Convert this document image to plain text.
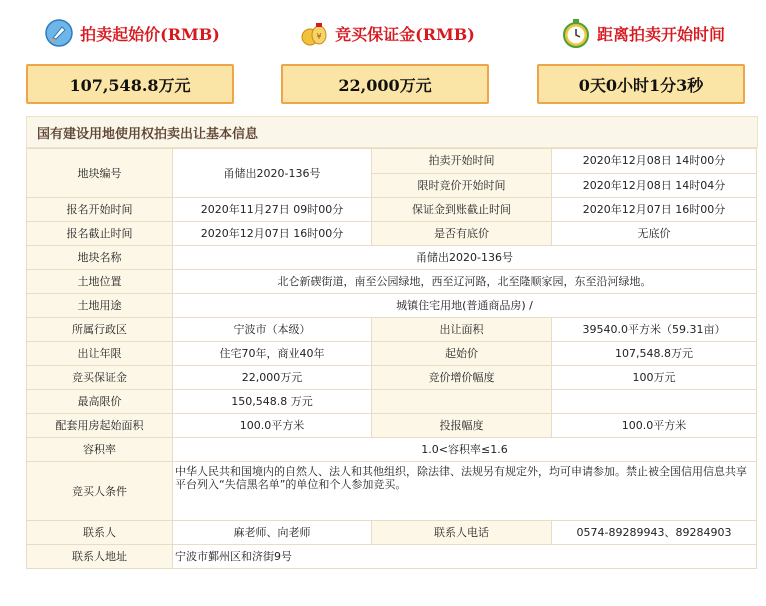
拍卖起始价(RMB)
107,548.8万元
¥ 竞买保证金(RMB)
22,000万元
距离拍卖开始时间
0天0小时1分3秒
国有建设用地使用权拍卖出让基本信息
地块编号	甬储出2020-136号	拍卖开始时间	2020年12月08日 14时00分
		限时竞价开始时间	2020年12月08日 14时04分
报名开始时间	2020年11月27日 09时00分	保证金到账截止时间	2020年12月07日 16时00分
报名截止时间	2020年12月07日 16时00分	是否有底价	无底价
地块名称	甬储出2020-136号		
土地位置	北仑新碶街道，南至公园绿地，西至辽河路，北至隆顺家园，东至沿河绿地。		
土地用途	城镇住宅用地(普通商品房) /		
所属行政区	宁波市（本级）	出让面积	39540.0平方米（59.31亩）
出让年限	住宅70年，商业40年	起始价	107,548.8万元
竞买保证金	22,000万元	竞价增价幅度	100万元
最高限价	150,548.8 万元		
配套用房起始面积	100.0平方米	投报幅度	100.0平方米
容积率	1.0<容积率≤1.6		
竞买人条件	中华人民共和国境内的自然人、法人和其他组织，除法律、法规另有规定外，均可申请参加。禁止被全国信用信息共享平台列入“失信黑名单”的单位和个人参加竞买。		
联系人	麻老师、向老师	联系人电话	0574-89289943、89284903
联系人地址	宁波市鄞州区和济街9号		
